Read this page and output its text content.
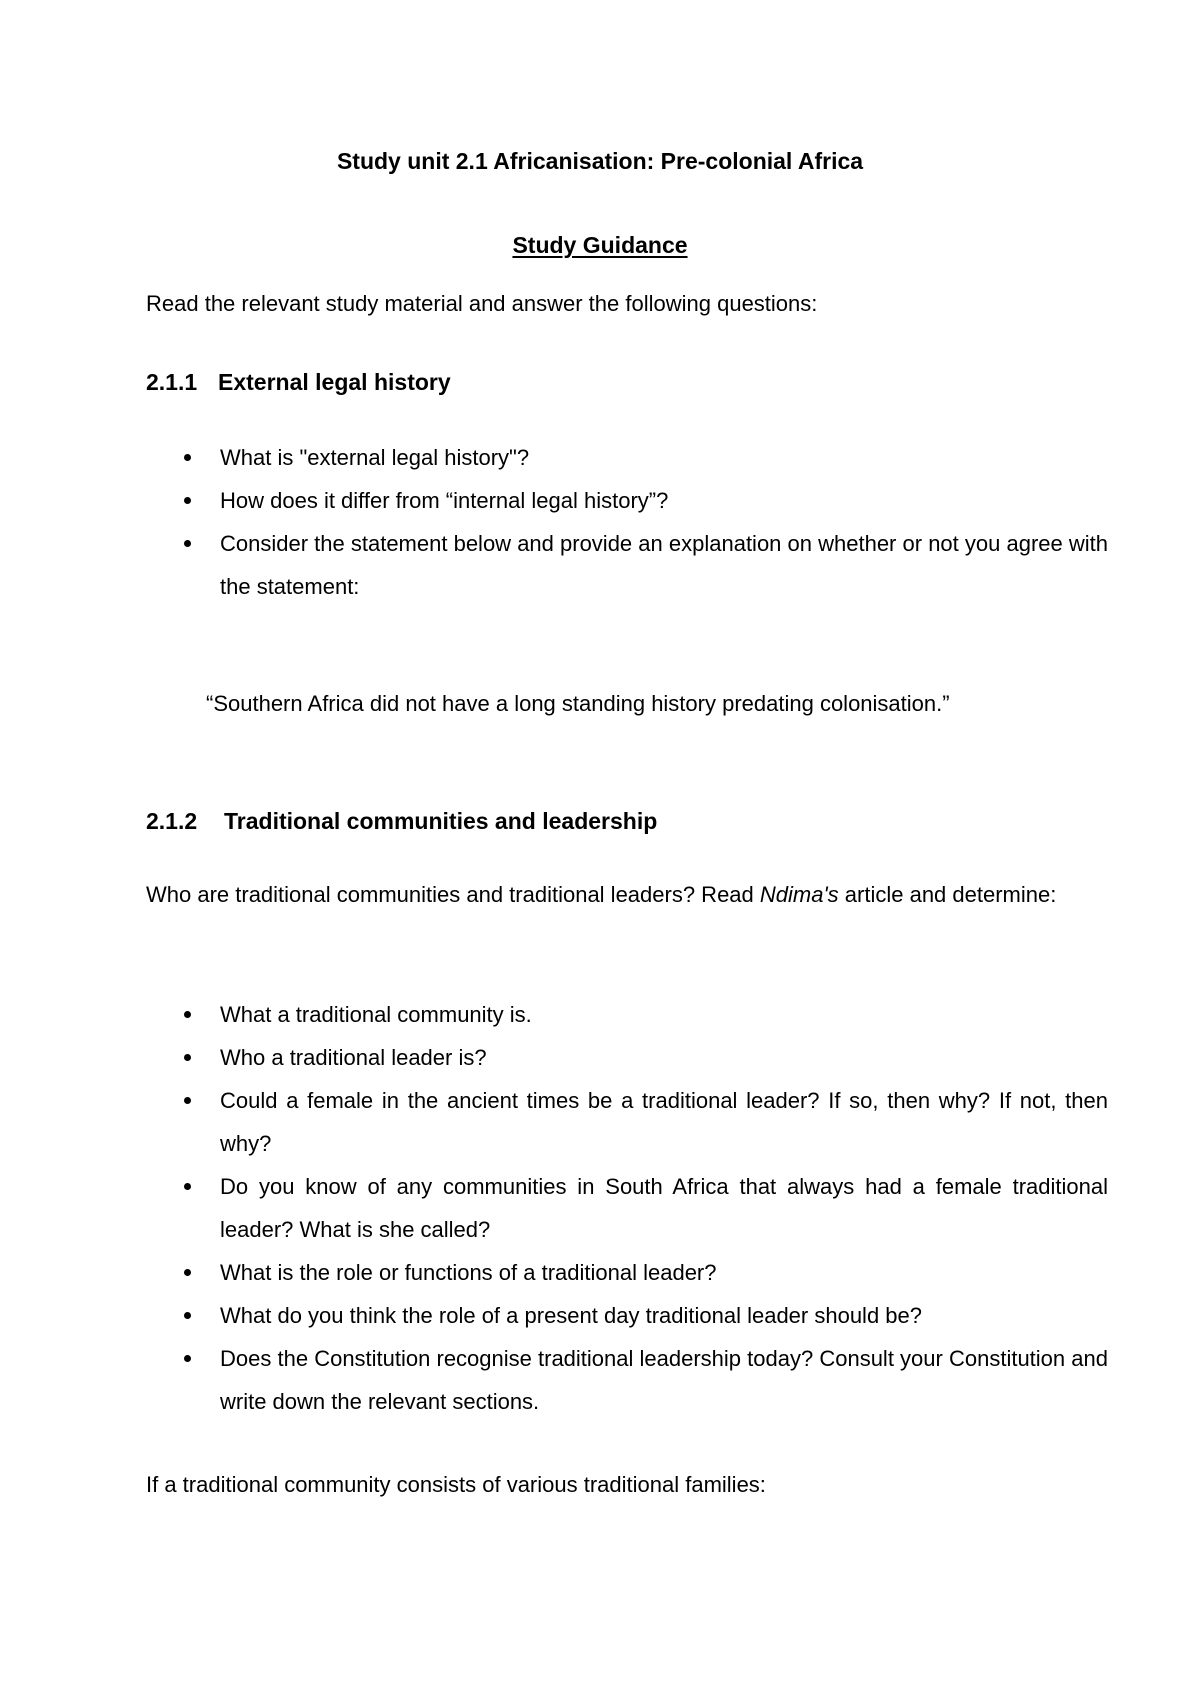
Study unit 2.1 Africanisation: Pre-colonial Africa
Study Guidance

Read the relevant study material and answer the following questions:

2.1.1 External legal history
What is "external legal history"?
How does it differ from “internal legal history”?
Consider the statement below and provide an explanation on whether or not you agree with the statement:
“Southern Africa did not have a long standing history predating colonisation.”
2.1.2 Traditional communities and leadership

Who are traditional communities and traditional leaders? Read Ndima's article and determine:

What a traditional community is.
Who a traditional leader is?
Could a female in the ancient times be a traditional leader? If so, then why? If not, then why?
Do you know of any communities in South Africa that always had a female traditional leader? What is she called?
What is the role or functions of a traditional leader?
What do you think the role of a present day traditional leader should be?
Does the Constitution recognise traditional leadership today? Consult your Constitution and write down the relevant sections.

If a traditional community consists of various traditional families:
